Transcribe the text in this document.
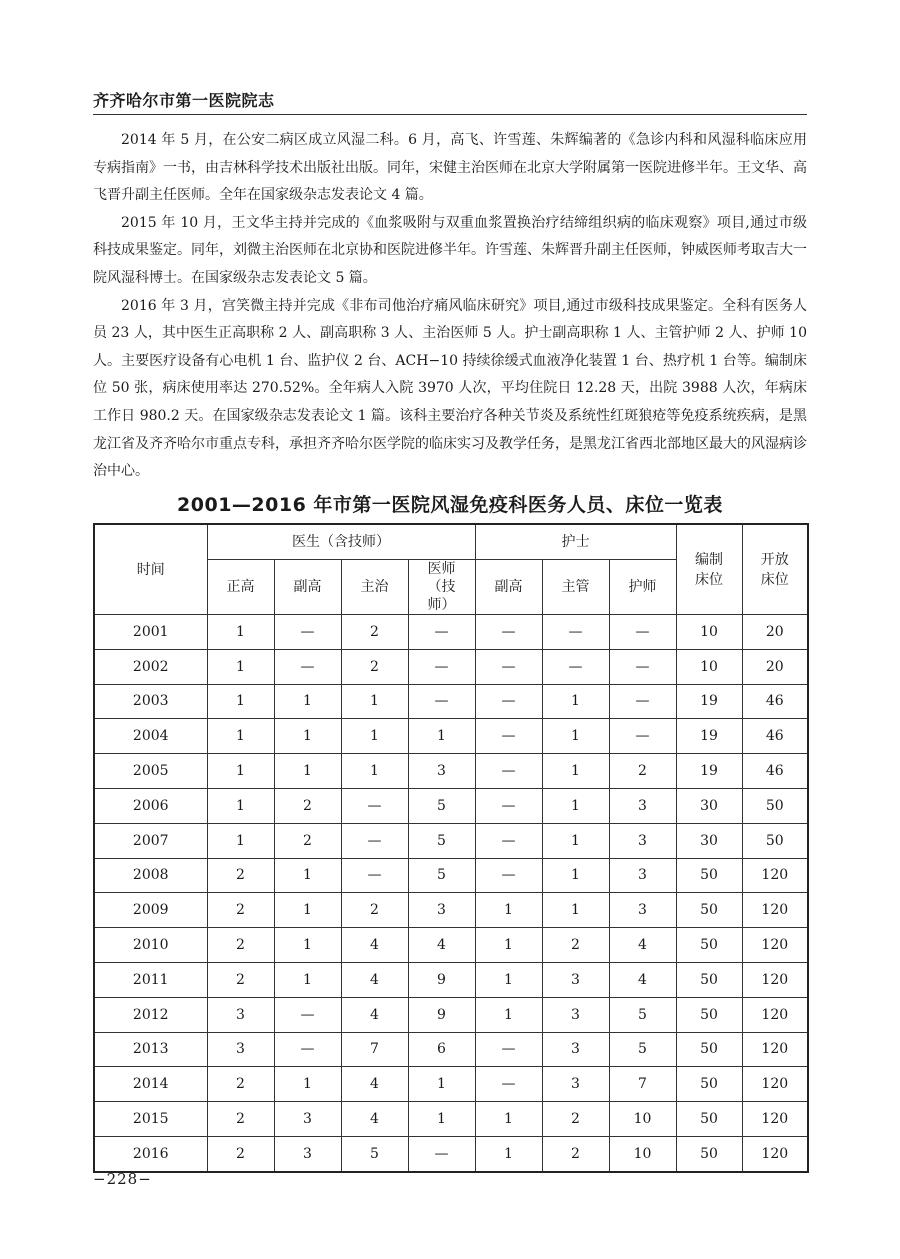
齐齐哈尔市第一医院院志

2014 年 5 月，在公安二病区成立风湿二科。6 月，高飞、许雪莲、朱辉编著的《急诊内科和风湿科临床应用专病指南》一书，由吉林科学技术出版社出版。同年，宋健主治医师在北京大学附属第一医院进修半年。王文华、高飞晋升副主任医师。全年在国家级杂志发表论文 4 篇。

2015 年 10 月，王文华主持并完成的《血浆吸附与双重血浆置换治疗结缔组织病的临床观察》项目,通过市级科技成果鉴定。同年，刘微主治医师在北京协和医院进修半年。许雪莲、朱辉晋升副主任医师，钟威医师考取吉大一院风湿科博士。在国家级杂志发表论文 5 篇。

2016 年 3 月，宫笑微主持并完成《非布司他治疗痛风临床研究》项目,通过市级科技成果鉴定。全科有医务人员 23 人，其中医生正高职称 2 人、副高职称 3 人、主治医师 5 人。护士副高职称 1 人、主管护师 2 人、护师 10 人。主要医疗设备有心电机 1 台、监护仪 2 台、ACH−10 持续徐缓式血液净化装置 1 台、热疗机 1 台等。编制床位 50 张，病床使用率达 270.52%。全年病人入院 3970 人次，平均住院日 12.28 天，出院 3988 人次，年病床工作日 980.2 天。在国家级杂志发表论文 1 篇。该科主要治疗各种关节炎及系统性红斑狼疮等免疫系统疾病，是黑龙江省及齐齐哈尔市重点专科，承担齐齐哈尔医学院的临床实习及教学任务，是黑龙江省西北部地区最大的风湿病诊治中心。

2001—2016 年市第一医院风湿免疫科医务人员、床位一览表
时间	医生（含技师）				护士			编制床位	开放床位

	正高	副高	主治	医师（技师）	副高	主管	护师		
2001	1	—	2	—	—	—	—	10	20
2002	1	—	2	—	—	—	—	10	20
2003	1	1	1	—	—	1	—	19	46
2004	1	1	1	1	—	1	—	19	46
2005	1	1	1	3	—	1	2	19	46
2006	1	2	—	5	—	1	3	30	50
2007	1	2	—	5	—	1	3	30	50
2008	2	1	—	5	—	1	3	50	120
2009	2	1	2	3	1	1	3	50	120
2010	2	1	4	4	1	2	4	50	120
2011	2	1	4	9	1	3	4	50	120
2012	3	—	4	9	1	3	5	50	120
2013	3	—	7	6	—	3	5	50	120
2014	2	1	4	1	—	3	7	50	120
2015	2	3	4	1	1	2	10	50	120
2016	2	3	5	—	1	2	10	50	120
−228−
